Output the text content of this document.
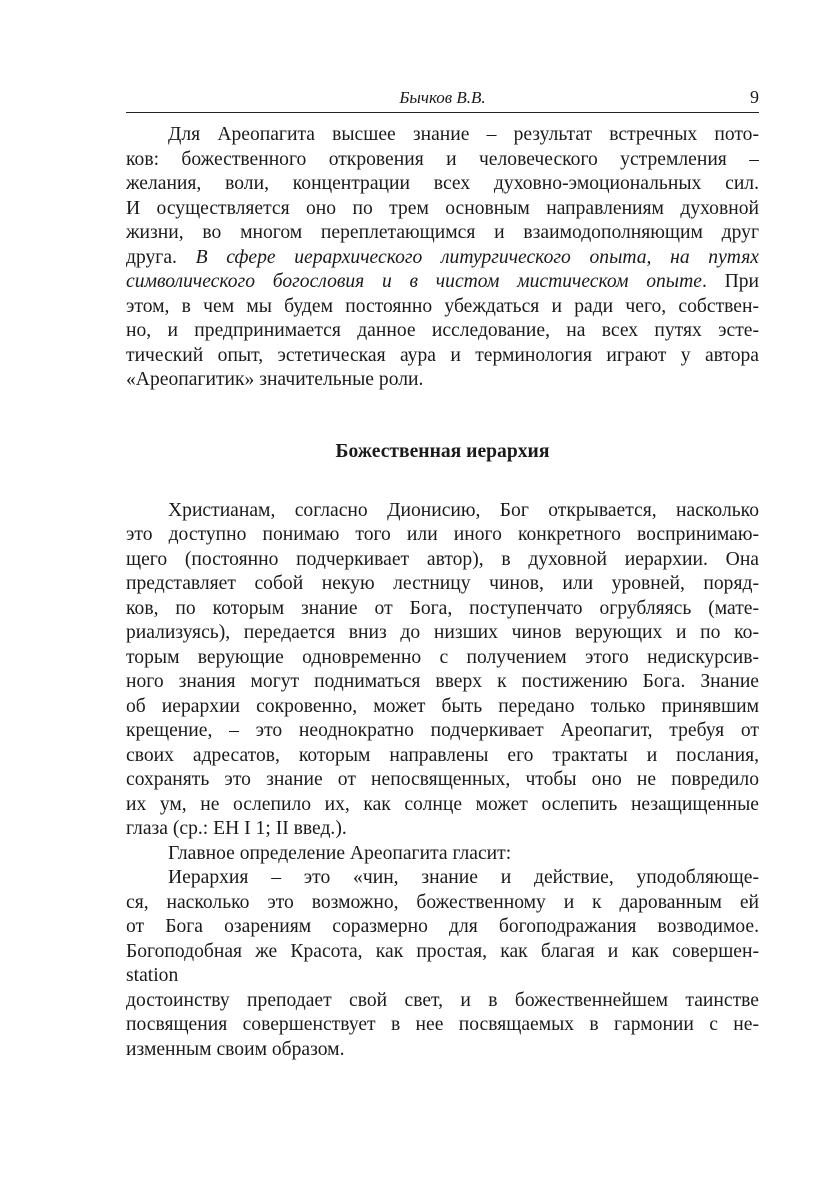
Бычков В.В.	9
Для Ареопагита высшее знание – результат встречных пото-
ков: божественного откровения и человеческого устремления –
желания, воли, концентрации всех духовно-эмоциональных сил.
И осуществляется оно по трем основным направлениям духовной
жизни, во многом переплетающимся и взаимодополняющим друг
друга. В сфере иерархического литургического опыта, на путях
символического богословия и в чистом мистическом опыте. При
этом, в чем мы будем постоянно убеждаться и ради чего, собствен-
но, и предпринимается данное исследование, на всех путях эсте-
тический опыт, эстетическая аура и терминология играют у автора
«Ареопагитик» значительные роли.
Божественная иерархия
Христианам, согласно Дионисию, Бог открывается, насколько
это доступно понимаю того или иного конкретного воспринимаю-
щего (постоянно подчеркивает автор), в духовной иерархии. Она
представляет собой некую лестницу чинов, или уровней, поряд-
ков, по которым знание от Бога, поступенчато огрубляясь (мате-
риализуясь), передается вниз до низших чинов верующих и по ко-
торым верующие одновременно с получением этого недискурсив-
ного знания могут подниматься вверх к постижению Бога. Знание
об иерархии сокровенно, может быть передано только принявшим
крещение, – это неоднократно подчеркивает Ареопагит, требуя от
своих адресатов, которым направлены его трактаты и послания,
сохранять это знание от непосвященных, чтобы оно не повредило
их ум, не ослепило их, как солнце может ослепить незащищенные
глаза (ср.: ЕН I 1; II введ.).
Главное определение Ареопагита гласит:
Иерархия – это «чин, знание и действие, уподобляюще-
ся, насколько это возможно, божественному и к дарованным ей
от Бога озарениям соразмерно для богоподражания возводимое.
Богоподобная же Красота, как простая, как благая и как совершен-
station
достоинству преподает свой свет, и в божественнейшем таинстве
посвящения совершенствует в нее посвящаемых в гармонии с не-
изменным своим образом.
